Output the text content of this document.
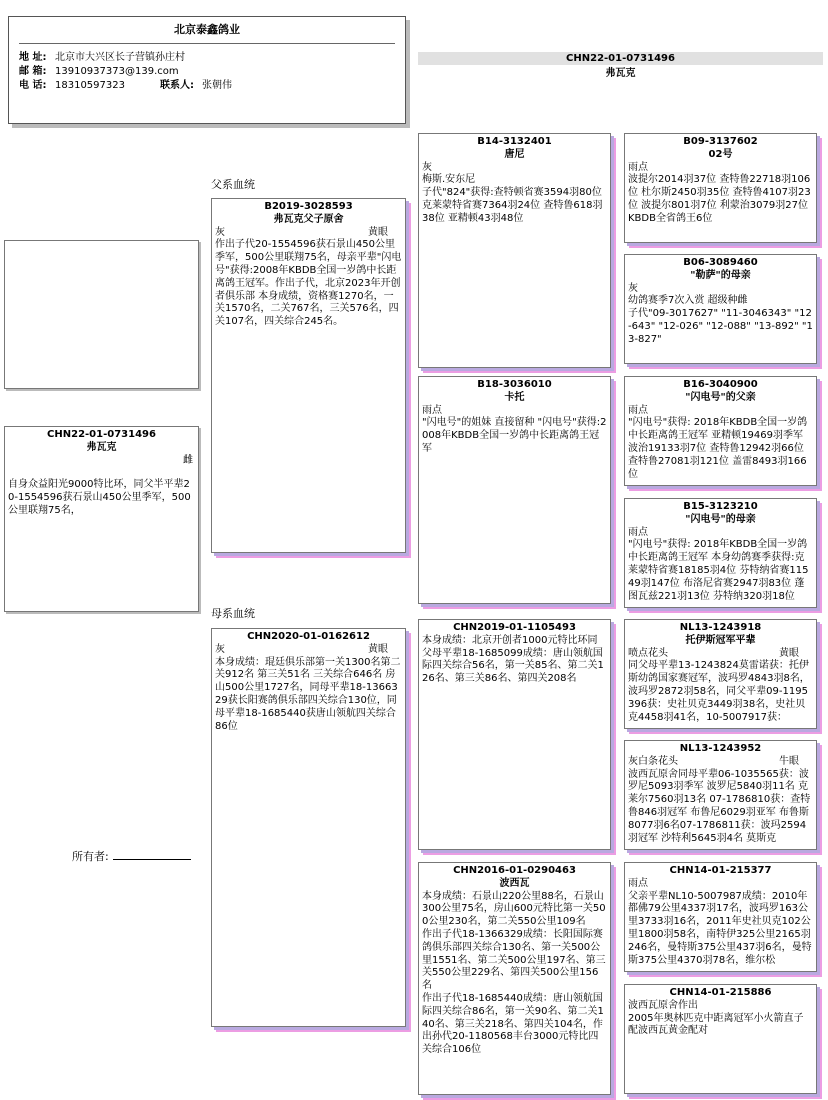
北京泰鑫鸽业
地 址: 北京市大兴区长子营镇孙庄村
邮 箱: 13910937373@139.com
电 话: 18310597323	联系人: 张朝伟
CHN22-01-0731496
弗瓦克
父系血统
母系血统
CHN22-01-0731496
弗瓦克
雌
自身众益阳光9000特比环，同父半平辈20-1554596获石景山450公里季军，500公里联翔75名，
所有者:
B2019-3028593
弗瓦克父子原舍
灰	黄眼
作出子代20-1554596获石景山450公里季军，500公里联翔75名，母亲平辈"闪电号"获得:2008年KBDB全国一岁鸽中长距离鸽王冠军。作出子代，北京2023年开创者俱乐部 本身成绩，资格赛1270名，一关1570名，二关767名，三关576名，四关107名，四关综合245名。
CHN2020-01-0162612
灰	黄眼
本身成绩：琨廷俱乐部第一关1300名第二关912名 第三关51名 三关综合646名 房山500公里1727名，同母平辈18-1366329获长阳赛鸽俱乐部四关综合130位，同母平辈18-1685440获唐山领航四关综合86位
B14-3132401
唐尼
灰
梅斯.安东尼
子代"824"获得:查特顿省赛3594羽80位 克莱蒙特省赛7364羽24位 查特鲁618羽38位 亚精顿43羽48位
B18-3036010
卡托
雨点
"闪电号"的姐妹 直接留种 "闪电号"获得:2008年KBDB全国一岁鸽中长距离鸽王冠军
CHN2019-01-1105493
本身成绩：北京开创者1000元特比环同父母平辈18-1685099成绩：唐山领航国际四关综合56名，第一关85名、第二关126名、第三关86名、第四关208名
CHN2016-01-0290463
波西瓦
本身成绩：石景山220公里88名，石景山300公里75名，房山600元特比第一关500公里230名，第二关550公里109名
作出子代18-1366329成绩：长阳国际赛鸽俱乐部四关综合130名、第一关500公里1551名、第二关500公里197名、第三关550公里229名、第四关500公里156名
作出子代18-1685440成绩：唐山领航国际四关综合86名，第一关90名、第二关140名、第三关218名、第四关104名，作出孙代20-1180568丰台3000元特比四关综合106位
B09-3137602
02号
雨点
波提尔2014羽37位 查特鲁22718羽106位 杜尔斯2450羽35位 查特鲁4107羽23位 波提尔801羽7位 利蒙治3079羽27位 KBDB全省鸽王6位
B06-3089460
"勒萨"的母亲
灰
幼鸽赛季7次入赏 超级种雌
子代"09-3017627" "11-3046343" "12-643" "12-026" "12-088" "13-892" "13-827"
B16-3040900
"闪电号"的父亲
雨点
"闪电号"获得: 2018年KBDB全国一岁鸽中长距离鸽王冠军 亚精顿19469羽季军 波治19133羽7位 查特鲁12942羽66位 查特鲁27081羽121位 盖雷8493羽166位
B15-3123210
"闪电号"的母亲
雨点
"闪电号"获得: 2018年KBDB全国一岁鸽中长距离鸽王冠军 本身幼鸽赛季获得:克莱蒙特省赛18185羽4位 芬特纳省赛11549羽147位 布洛尼省赛2947羽83位 蓬图瓦兹221羽13位 芬特纳320羽18位
NL13-1243918
托伊斯冠军平辈
喷点花头	黄眼
同父母平辈13-1243824莫雷诺获：托伊斯幼鸽国家赛冠军，波玛罗4843羽8名，波玛罗2872羽58名，同父平辈09-1195396获：史社贝克3449羽38名，史社贝克4458羽41名，10-5007917获：
NL13-1243952
灰白条花头	牛眼
波西瓦原舍同母平辈06-1035565获：波罗尼5093羽季军 波罗尼5840羽11名 克莱尔7560羽13名 07-1786810获：查特鲁846羽冠军 布鲁尼6029羽亚军 布鲁斯8077羽6名07-1786811获：波玛2594羽冠军 沙特利5645羽4名 莫斯克
CHN14-01-215377
雨点
父亲平辈NL10-5007987成绩：2010年都佛79公里4337羽17名，波玛罗163公里3733羽16名，2011年史社贝克102公里1800羽58名，南特伊325公里2165羽246名，曼特斯375公里437羽6名，曼特斯375公里4370羽78名，维尔松
CHN14-01-215886
波西瓦原舍作出
2005年奥林匹克中距离冠军小火箭直子配波西瓦黄金配对
